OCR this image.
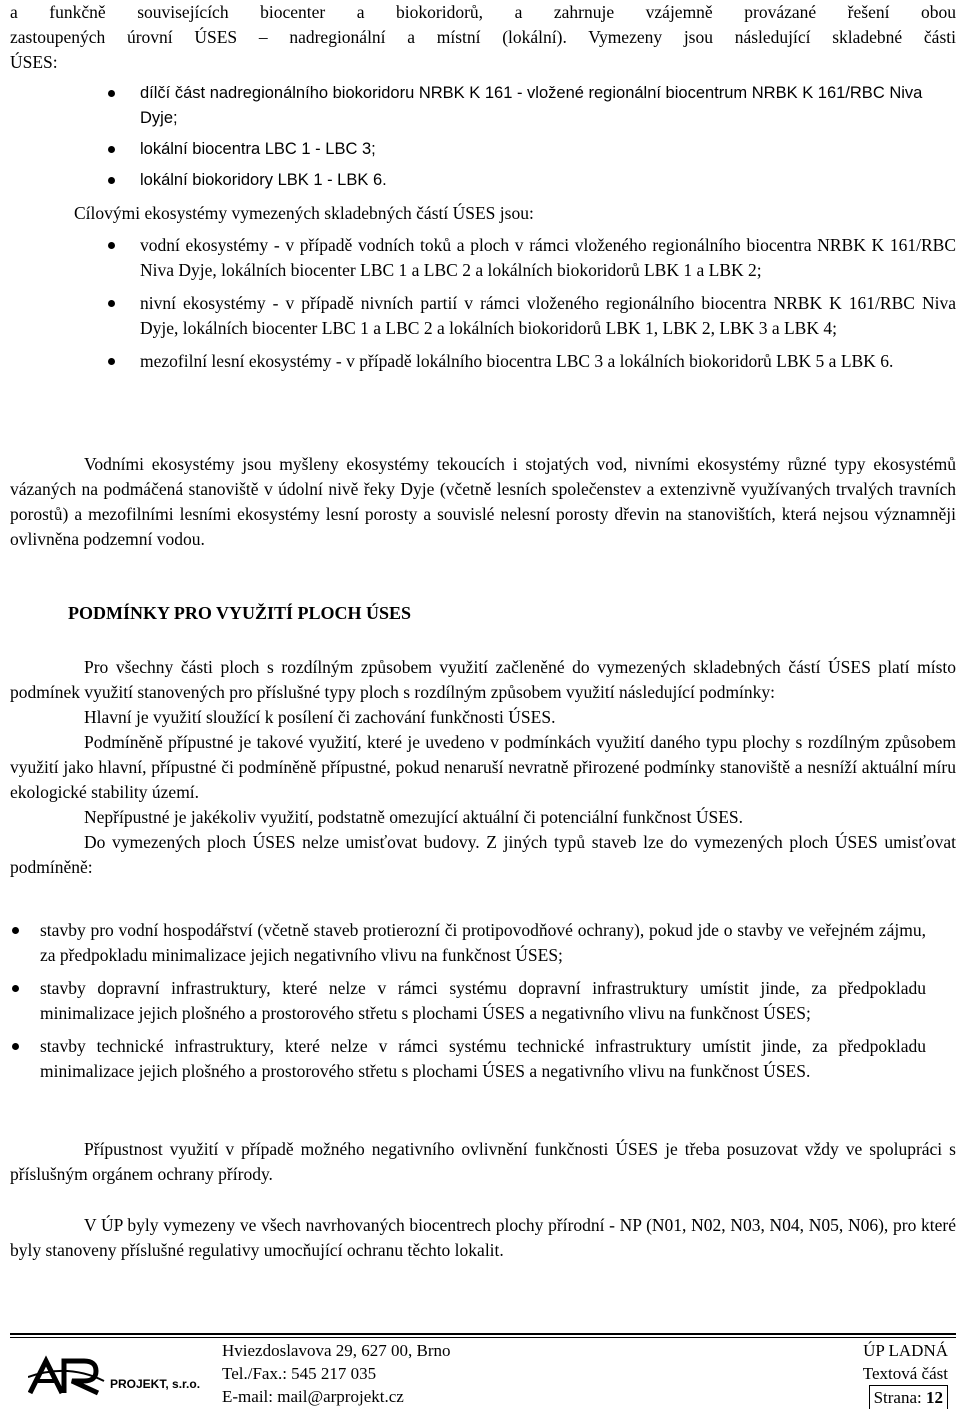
a funkčně souvisejících biocenter a biokoridorů, a zahrnuje vzájemně provázané řešení obou

zastoupených úrovní ÚSES – nadregionální a místní (lokální). Vymezeny jsou následující skladebné části

ÚSES:

dílčí část nadregionálního biokoridoru NRBK K 161 - vložené regionální biocentrum NRBK K 161/RBC Niva Dyje;
lokální biocentra LBC 1 - LBC 3;
lokální biokoridory LBK 1 - LBK 6.

Cílovými ekosystémy vymezených skladebných částí ÚSES jsou:

vodní ekosystémy - v případě vodních toků a ploch v rámci vloženého regionálního biocentra NRBK K 161/RBC Niva Dyje, lokálních biocenter LBC 1 a LBC 2 a lokálních biokoridorů LBK 1 a LBK 2;
nivní ekosystémy - v případě nivních partií v rámci vloženého regionálního biocentra NRBK K 161/RBC Niva Dyje, lokálních biocenter LBC 1 a LBC 2 a lokálních biokoridorů LBK 1, LBK 2, LBK 3 a LBK 4;
mezofilní lesní ekosystémy - v případě lokálního biocentra LBC 3 a lokálních biokoridorů LBK 5 a LBK 6.

Vodními ekosystémy jsou myšleny ekosystémy tekoucích i stojatých vod, nivními ekosystémy různé typy ekosystémů vázaných na podmáčená stanoviště v údolní nivě řeky Dyje (včetně lesních společenstev a extenzivně využívaných trvalých travních porostů) a mezofilními lesními ekosystémy lesní porosty a souvislé nelesní porosty dřevin na stanovištích, která nejsou významněji ovlivněna podzemní vodou.

PODMÍNKY PRO VYUŽITÍ PLOCH ÚSES

Pro všechny části ploch s rozdílným způsobem využití začleněné do vymezených skladebných částí ÚSES platí místo podmínek využití stanovených pro příslušné typy ploch s rozdílným způsobem využití následující podmínky:

Hlavní je využití sloužící k posílení či zachování funkčnosti ÚSES.

Podmíněně přípustné je takové využití, které je uvedeno v podmínkách využití daného typu plochy s rozdílným způsobem využití jako hlavní, přípustné či podmíněně přípustné, pokud nenaruší nevratně přirozené podmínky stanoviště a nesníží aktuální míru ekologické stability území.

Nepřípustné je jakékoliv využití, podstatně omezující aktuální či potenciální funkčnost ÚSES.

Do vymezených ploch ÚSES nelze umisťovat budovy. Z jiných typů staveb lze do vymezených ploch ÚSES umisťovat podmíněně:

stavby pro vodní hospodářství (včetně staveb protierozní či protipovodňové ochrany), pokud jde o stavby ve veřejném zájmu, za předpokladu minimalizace jejich negativního vlivu na funkčnost ÚSES;
stavby dopravní infrastruktury, které nelze v rámci systému dopravní infrastruktury umístit jinde, za předpokladu minimalizace jejich plošného a prostorového střetu s plochami ÚSES a negativního vlivu na funkčnost ÚSES;
stavby technické infrastruktury, které nelze v rámci systému technické infrastruktury umístit jinde, za předpokladu minimalizace jejich plošného a prostorového střetu s plochami ÚSES a negativního vlivu na funkčnost ÚSES.

Přípustnost využití v případě možného negativního ovlivnění funkčnosti ÚSES je třeba posuzovat vždy ve spolupráci s příslušným orgánem ochrany přírody.

V ÚP byly vymezeny ve všech navrhovaných biocentrech plochy přírodní - NP (N01, N02, N03, N04, N05, N06), pro které byly stanoveny příslušné regulativy umocňující ochranu těchto lokalit.

PROJEKT, s.r.o.
Hviezdoslavova 29, 627 00, Brno
Tel./Fax.: 545 217 035
E-mail: mail@arprojekt.cz
ÚP LADNÁ
Textová část
Strana: 12
